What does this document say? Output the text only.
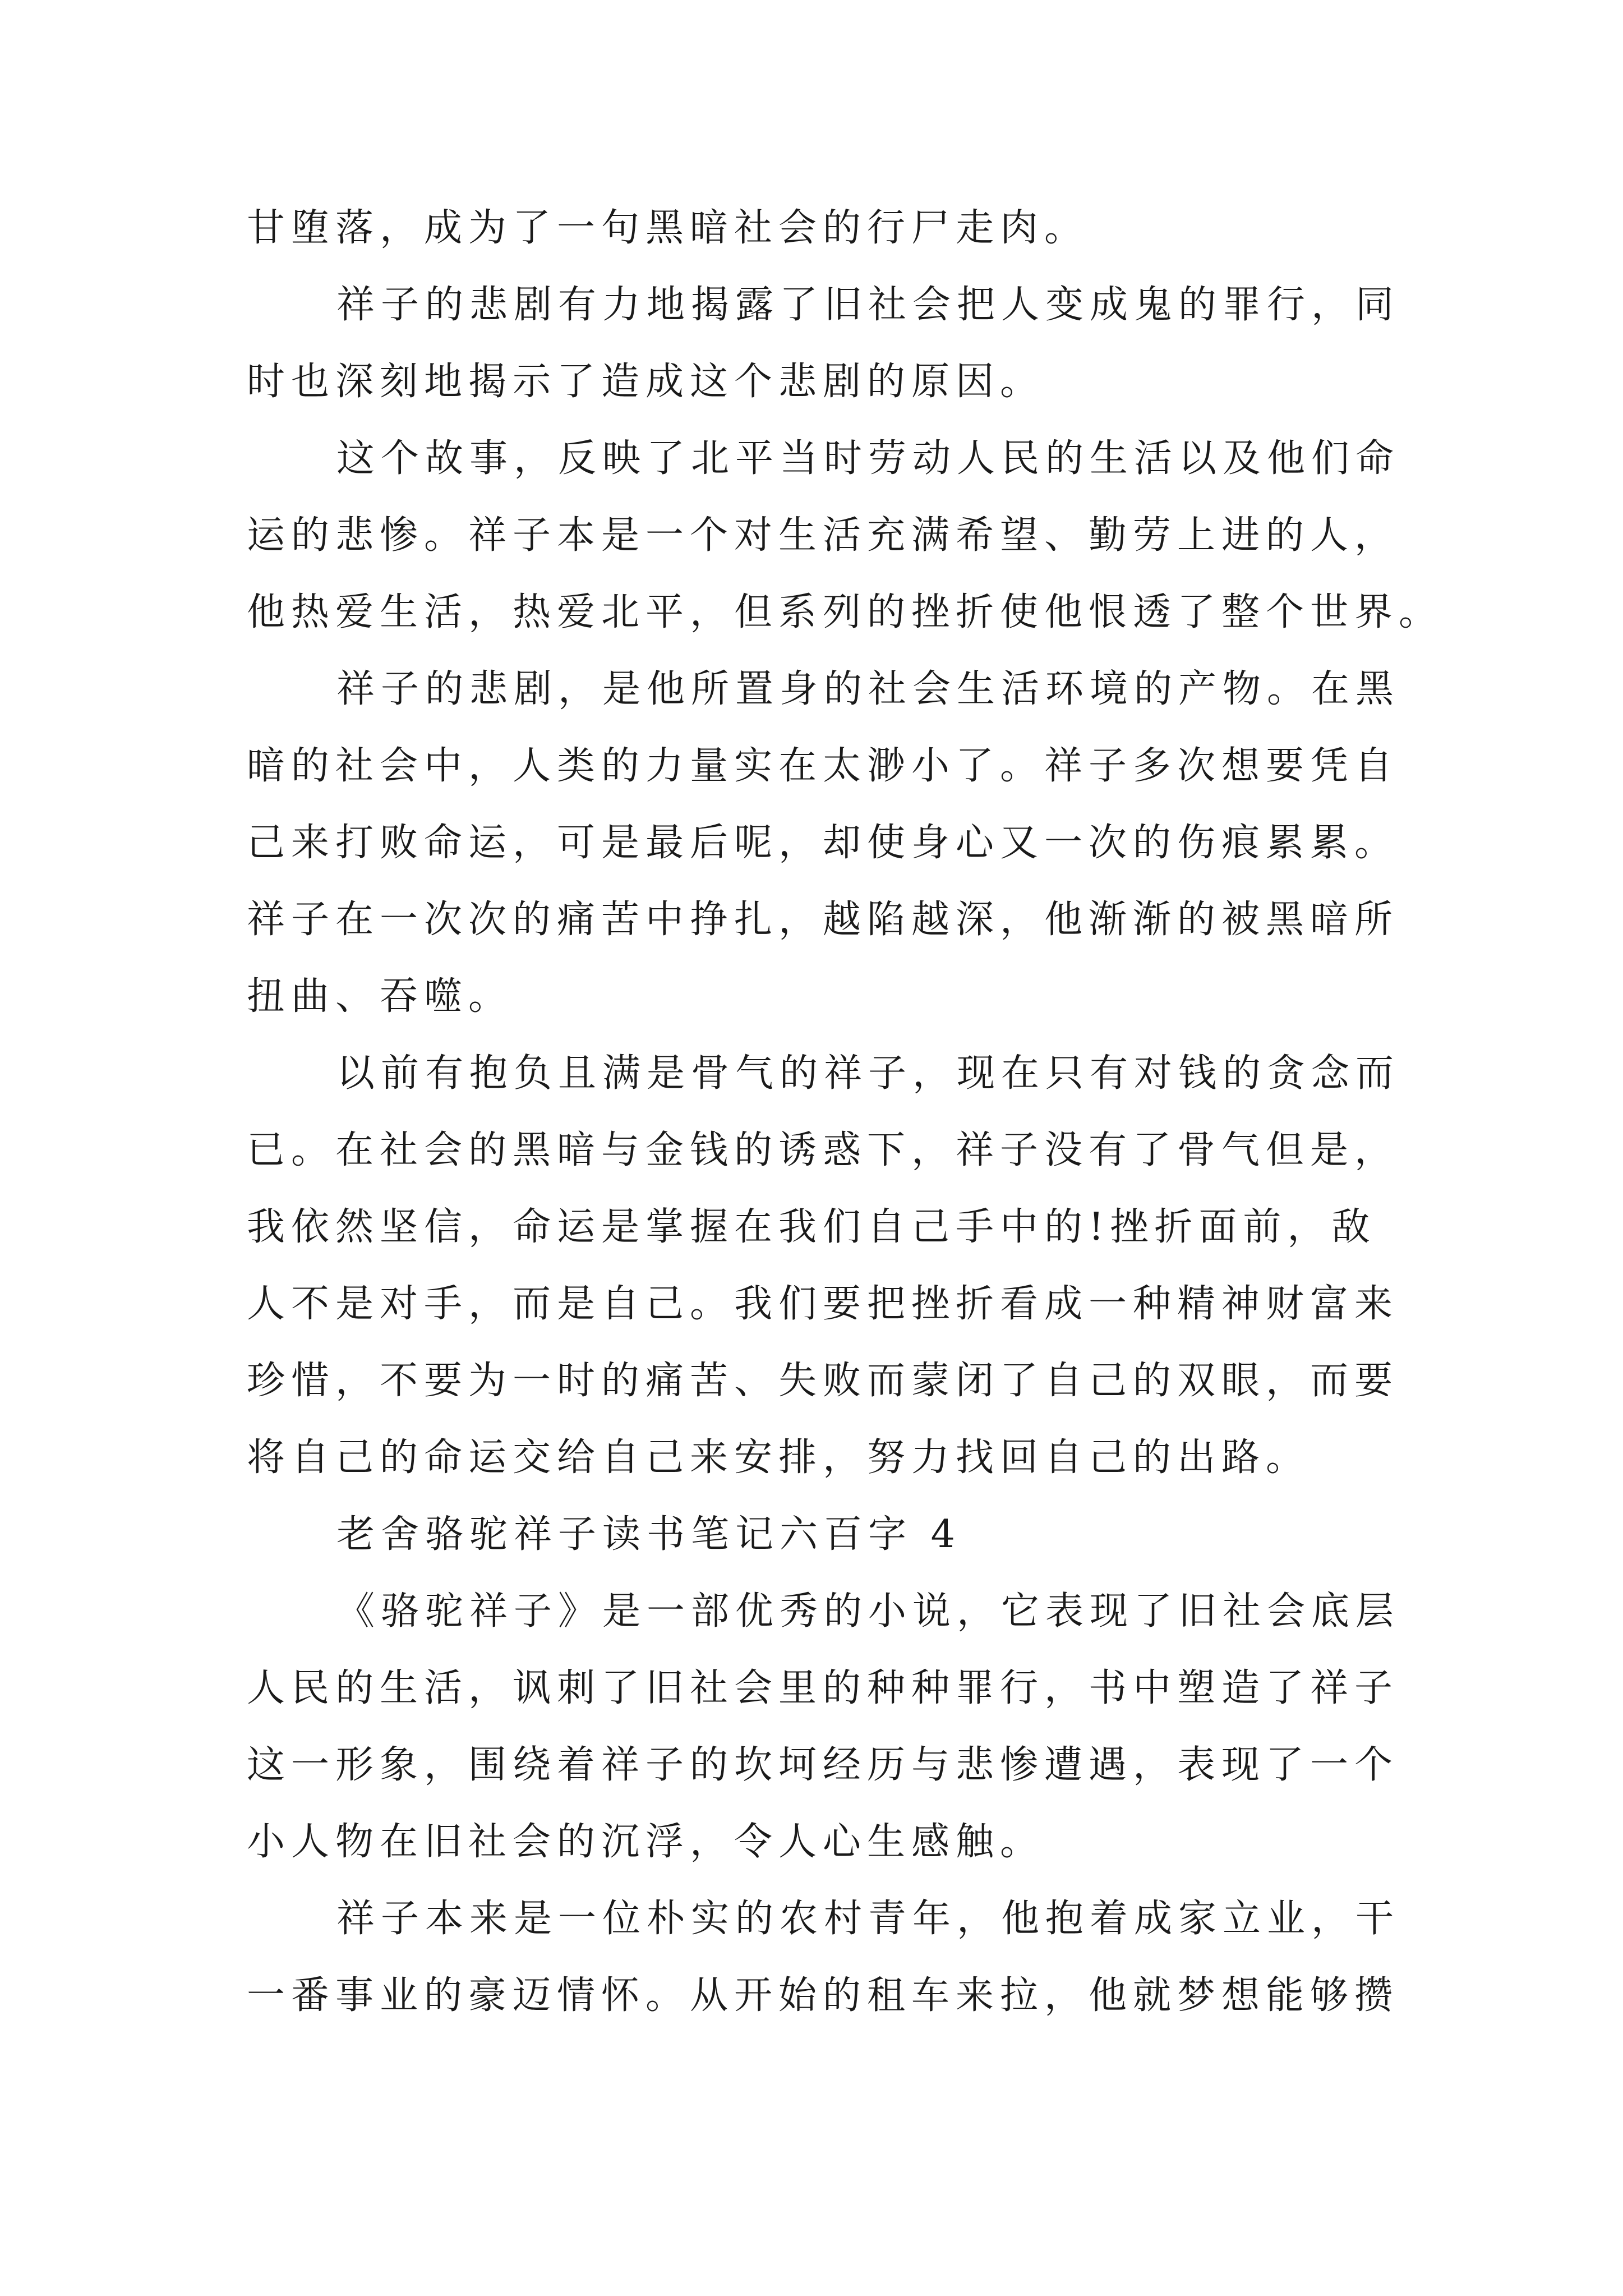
甘堕落，成为了一句黑暗社会的行尸走肉。
祥子的悲剧有力地揭露了旧社会把人变成鬼的罪行，同
时也深刻地揭示了造成这个悲剧的原因。
这个故事，反映了北平当时劳动人民的生活以及他们命
运的悲惨。祥子本是一个对生活充满希望、勤劳上进的人，
他热爱生活，热爱北平，但系列的挫折使他恨透了整个世界。
祥子的悲剧，是他所置身的社会生活环境的产物。在黑
暗的社会中，人类的力量实在太渺小了。祥子多次想要凭自
己来打败命运，可是最后呢，却使身心又一次的伤痕累累。
祥子在一次次的痛苦中挣扎，越陷越深，他渐渐的被黑暗所
扭曲、吞噬。
以前有抱负且满是骨气的祥子，现在只有对钱的贪念而
已。在社会的黑暗与金钱的诱惑下，祥子没有了骨气但是，
我依然坚信，命运是掌握在我们自己手中的!挫折面前，敌
人不是对手，而是自己。我们要把挫折看成一种精神财富来
珍惜，不要为一时的痛苦、失败而蒙闭了自己的双眼，而要
将自己的命运交给自己来安排，努力找回自己的出路。
老舍骆驼祥子读书笔记六百字 4
《骆驼祥子》是一部优秀的小说，它表现了旧社会底层
人民的生活，讽刺了旧社会里的种种罪行，书中塑造了祥子
这一形象，围绕着祥子的坎坷经历与悲惨遭遇，表现了一个
小人物在旧社会的沉浮，令人心生感触。
祥子本来是一位朴实的农村青年，他抱着成家立业，干
一番事业的豪迈情怀。从开始的租车来拉，他就梦想能够攒
